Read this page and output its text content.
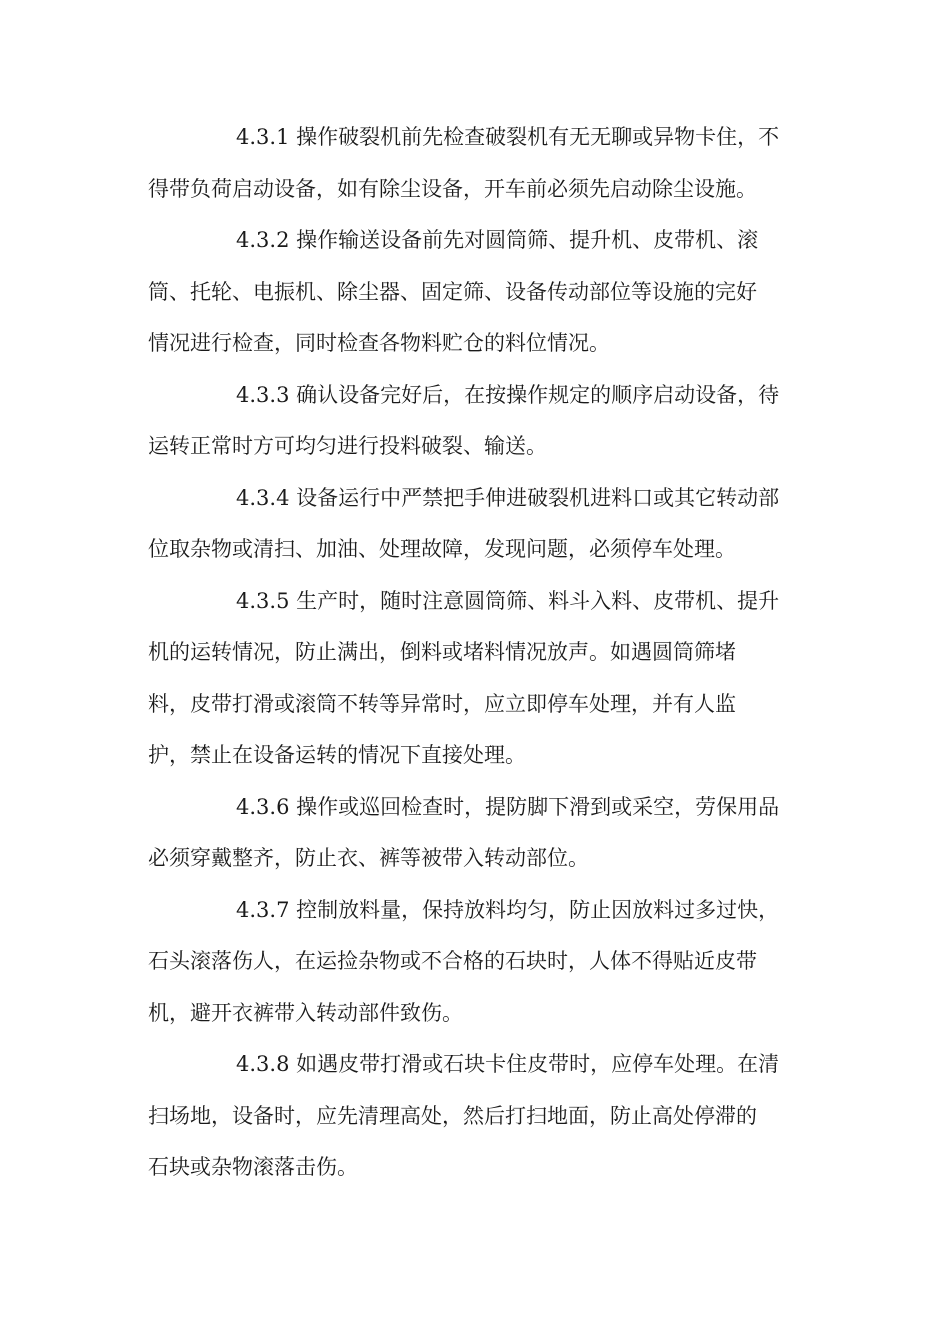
4.3.1 操作破裂机前先检查破裂机有无无聊或异物卡住，不
得带负荷启动设备，如有除尘设备，开车前必须先启动除尘设施。

4.3.2 操作输送设备前先对圆筒筛、提升机、皮带机、滚
筒、托轮、电振机、除尘器、固定筛、设备传动部位等设施的完好
情况进行检查，同时检查各物料贮仓的料位情况。

4.3.3 确认设备完好后，在按操作规定的顺序启动设备，待
运转正常时方可均匀进行投料破裂、输送。

4.3.4 设备运行中严禁把手伸进破裂机进料口或其它转动部
位取杂物或清扫、加油、处理故障，发现问题，必须停车处理。

4.3.5 生产时，随时注意圆筒筛、料斗入料、皮带机、提升
机的运转情况，防止满出，倒料或堵料情况放声。如遇圆筒筛堵
料，皮带打滑或滚筒不转等异常时，应立即停车处理，并有人监
护，禁止在设备运转的情况下直接处理。

4.3.6 操作或巡回检查时，提防脚下滑到或采空，劳保用品
必须穿戴整齐，防止衣、裤等被带入转动部位。

4.3.7 控制放料量，保持放料均匀，防止因放料过多过快，
石头滚落伤人，在运捡杂物或不合格的石块时，人体不得贴近皮带
机，避开衣裤带入转动部件致伤。

4.3.8 如遇皮带打滑或石块卡住皮带时，应停车处理。在清
扫场地，设备时，应先清理高处，然后打扫地面，防止高处停滞的
石块或杂物滚落击伤。
